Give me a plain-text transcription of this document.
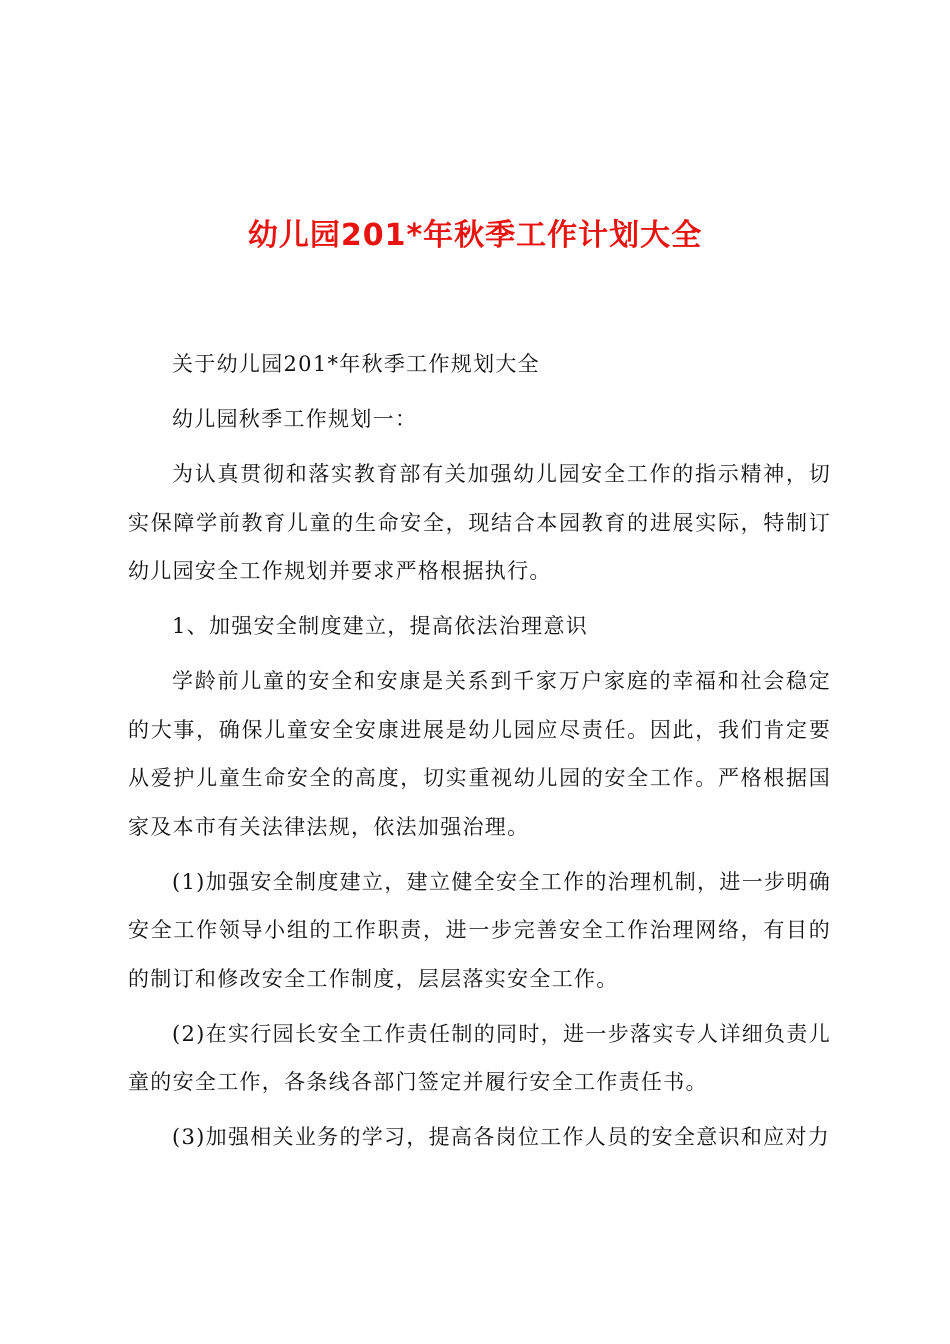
幼儿园201*年秋季工作计划大全

关于幼儿园201*年秋季工作规划大全

幼儿园秋季工作规划一：

为认真贯彻和落实教育部有关加强幼儿园安全工作的指示精神，切实保障学前教育儿童的生命安全，现结合本园教育的进展实际，特制订幼儿园安全工作规划并要求严格根据执行。

1、加强安全制度建立，提高依法治理意识

学龄前儿童的安全和安康是关系到千家万户家庭的幸福和社会稳定的大事，确保儿童安全安康进展是幼儿园应尽责任。因此，我们肯定要从爱护儿童生命安全的高度，切实重视幼儿园的安全工作。严格根据国家及本市有关法律法规，依法加强治理。

(1)加强安全制度建立，建立健全安全工作的治理机制，进一步明确安全工作领导小组的工作职责，进一步完善安全工作治理网络，有目的的制订和修改安全工作制度，层层落实安全工作。

(2)在实行园长安全工作责任制的同时，进一步落实专人详细负责儿童的安全工作，各条线各部门签定并履行安全工作责任书。

(3)加强相关业务的学习，提高各岗位工作人员的安全意识和应对力
